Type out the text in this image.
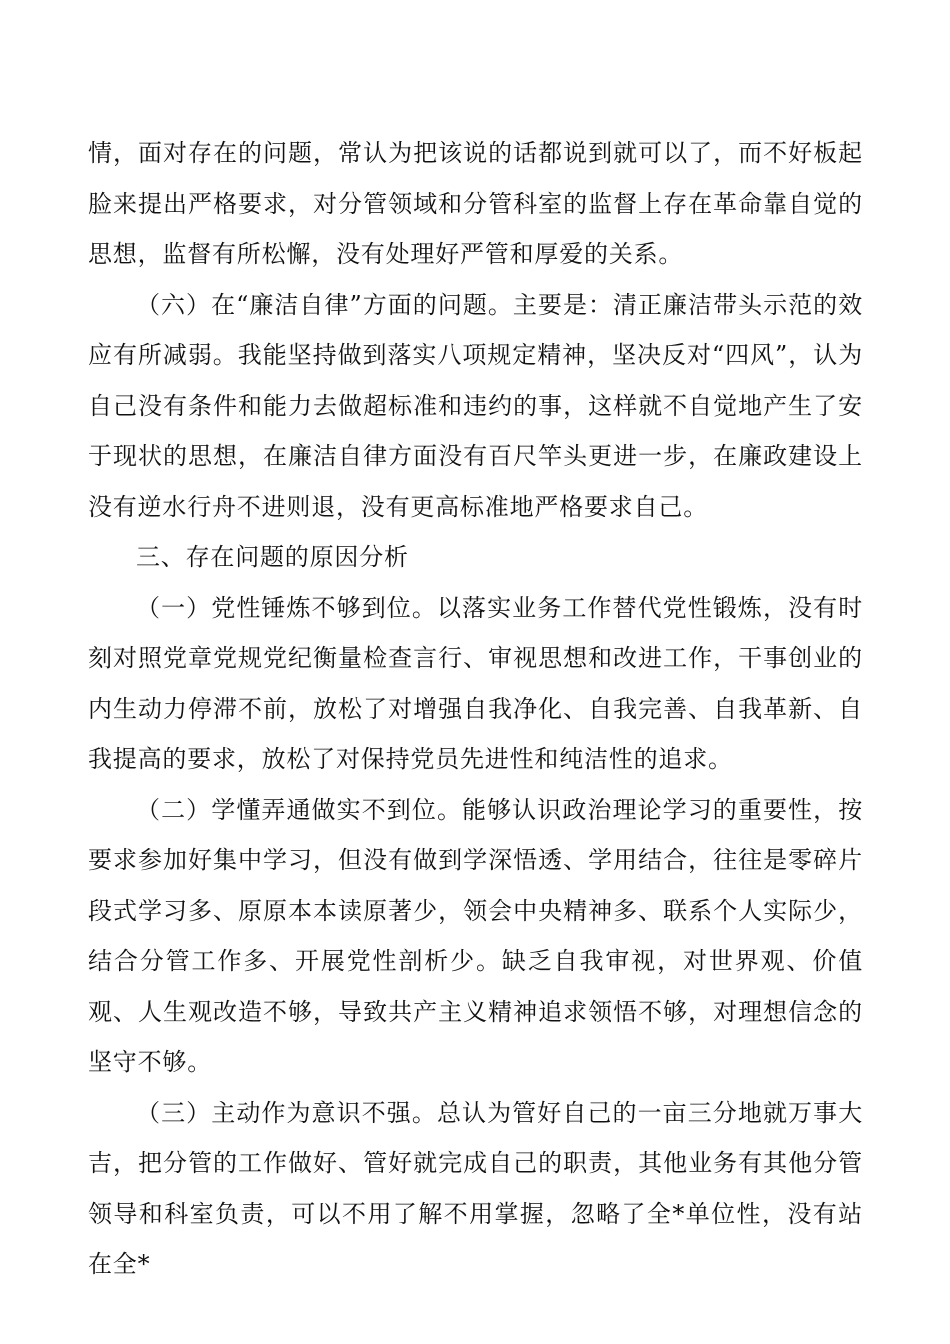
情，面对存在的问题，常认为把该说的话都说到就可以了，而不好板起脸来提出严格要求，对分管领域和分管科室的监督上存在革命靠自觉的思想，监督有所松懈，没有处理好严管和厚爱的关系。

（六）在“廉洁自律”方面的问题。主要是：清正廉洁带头示范的效应有所减弱。我能坚持做到落实八项规定精神，坚决反对“四风”，认为自己没有条件和能力去做超标准和违约的事，这样就不自觉地产生了安于现状的思想，在廉洁自律方面没有百尺竿头更进一步，在廉政建设上没有逆水行舟不进则退，没有更高标准地严格要求自己。

三、存在问题的原因分析

（一）党性锤炼不够到位。以落实业务工作替代党性锻炼，没有时刻对照党章党规党纪衡量检查言行、审视思想和改进工作，干事创业的内生动力停滞不前，放松了对增强自我净化、自我完善、自我革新、自我提高的要求，放松了对保持党员先进性和纯洁性的追求。

（二）学懂弄通做实不到位。能够认识政治理论学习的重要性，按要求参加好集中学习，但没有做到学深悟透、学用结合，往往是零碎片段式学习多、原原本本读原著少，领会中央精神多、联系个人实际少，结合分管工作多、开展党性剖析少。缺乏自我审视，对世界观、价值观、人生观改造不够，导致共产主义精神追求领悟不够，对理想信念的坚守不够。

（三）主动作为意识不强。总认为管好自己的一亩三分地就万事大吉，把分管的工作做好、管好就完成自己的职责，其他业务有其他分管领导和科室负责，可以不用了解不用掌握，忽略了全*单位性，没有站在全*
